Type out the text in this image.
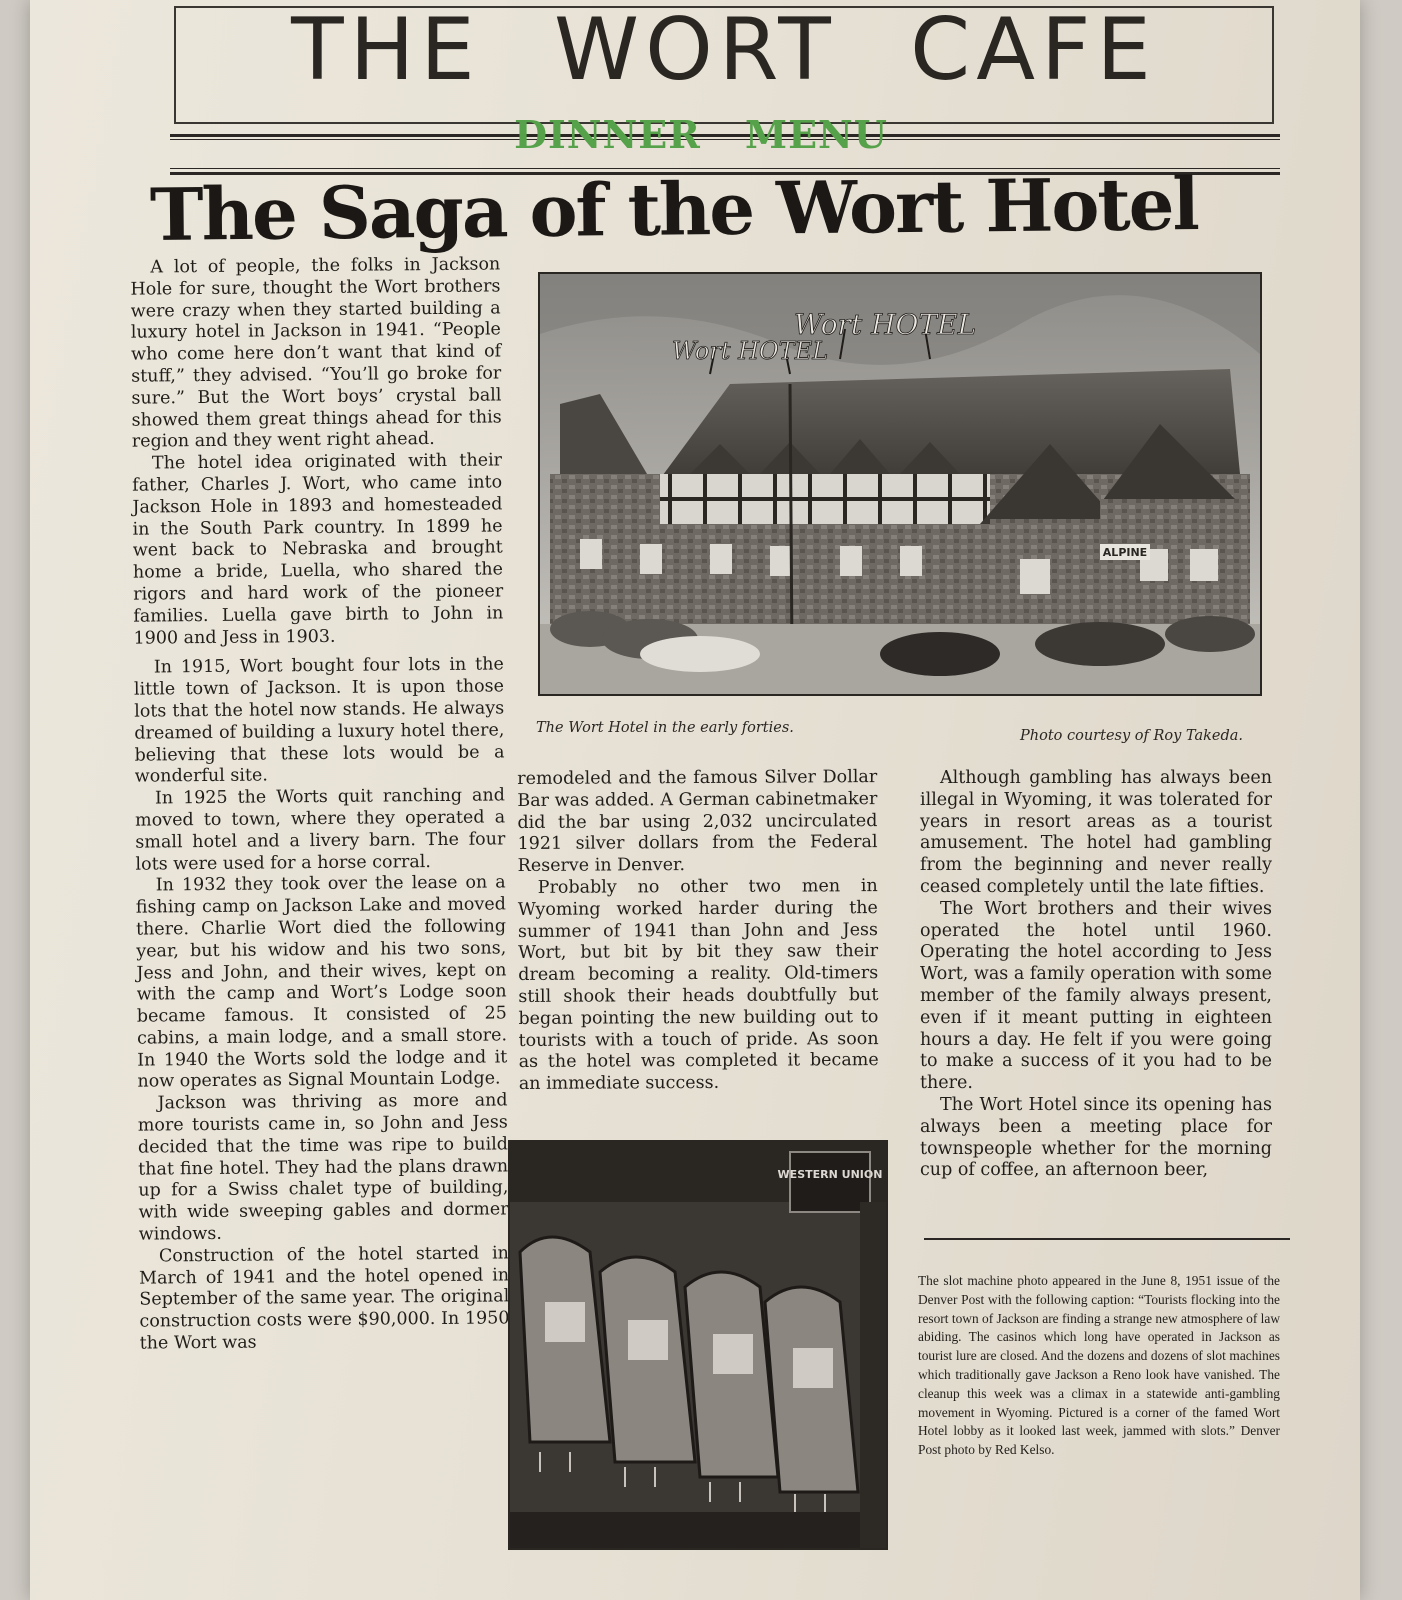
THE WORT CAFE
The Saga of the Wort Hotel

A lot of people, the folks in Jackson Hole for sure, thought the Wort brothers were crazy when they started building a luxury hotel in Jackson in 1941. “People who come here don’t want that kind of stuff,” they advised. “You’ll go broke for sure.” But the Wort boys’ crystal ball showed them great things ahead for this region and they went right ahead.

The hotel idea originated with their father, Charles J. Wort, who came into Jackson Hole in 1893 and homesteaded in the South Park country. In 1899 he went back to Nebraska and brought home a bride, Luella, who shared the rigors and hard work of the pioneer families. Luella gave birth to John in 1900 and Jess in 1903.

In 1915, Wort bought four lots in the little town of Jackson. It is upon those lots that the hotel now stands. He always dreamed of building a luxury hotel there, believing that these lots would be a wonderful site.

In 1925 the Worts quit ranching and moved to town, where they operated a small hotel and a livery barn. The four lots were used for a horse corral.

In 1932 they took over the lease on a fishing camp on Jackson Lake and moved there. Charlie Wort died the following year, but his widow and his two sons, Jess and John, and their wives, kept on with the camp and Wort’s Lodge soon became famous. It consisted of 25 cabins, a main lodge, and a small store. In 1940 the Worts sold the lodge and it now operates as Signal Mountain Lodge.

Jackson was thriving as more and more tourists came in, so John and Jess decided that the time was ripe to build that fine hotel. They had the plans drawn up for a Swiss chalet type of building, with wide sweeping gables and dormer windows.

Construction of the hotel started in March of 1941 and the hotel opened in September of the same year. The original construction costs were $90,000. In 1950 the Wort was

ALPINE
Wort HOTEL
Wort HOTEL
The Wort Hotel in the early forties.	Photo courtesy of Roy Takeda.

remodeled and the famous Silver Dollar Bar was added. A German cabinetmaker did the bar using 2,032 uncirculated 1921 silver dollars from the Federal Reserve in Denver.

Probably no other two men in Wyoming worked harder during the summer of 1941 than John and Jess Wort, but bit by bit they saw their dream becoming a reality. Old-timers still shook their heads doubtfully but began pointing the new building out to tourists with a touch of pride. As soon as the hotel was completed it became an immediate success.

WESTERN UNION

Although gambling has always been illegal in Wyoming, it was tolerated for years in resort areas as a tourist amusement. The hotel had gambling from the beginning and never really ceased completely until the late fifties.

The Wort brothers and their wives operated the hotel until 1960. Operating the hotel according to Jess Wort, was a family operation with some member of the family always present, even if it meant putting in eighteen hours a day. He felt if you were going to make a success of it you had to be there.

The Wort Hotel since its opening has always been a meeting place for townspeople whether for the morning cup of coffee, an afternoon beer,

The slot machine photo appeared in the June 8, 1951 issue of the Denver Post with the following caption: “Tourists flocking into the resort town of Jackson are finding a strange new atmosphere of law abiding. The casinos which long have operated in Jackson as tourist lure are closed. And the dozens and dozens of slot machines which traditionally gave Jackson a Reno look have vanished. The cleanup this week was a climax in a statewide anti-gambling movement in Wyoming. Pictured is a corner of the famed Wort Hotel lobby as it looked last week, jammed with slots.” Denver Post photo by Red Kelso.
DINNER MENU
